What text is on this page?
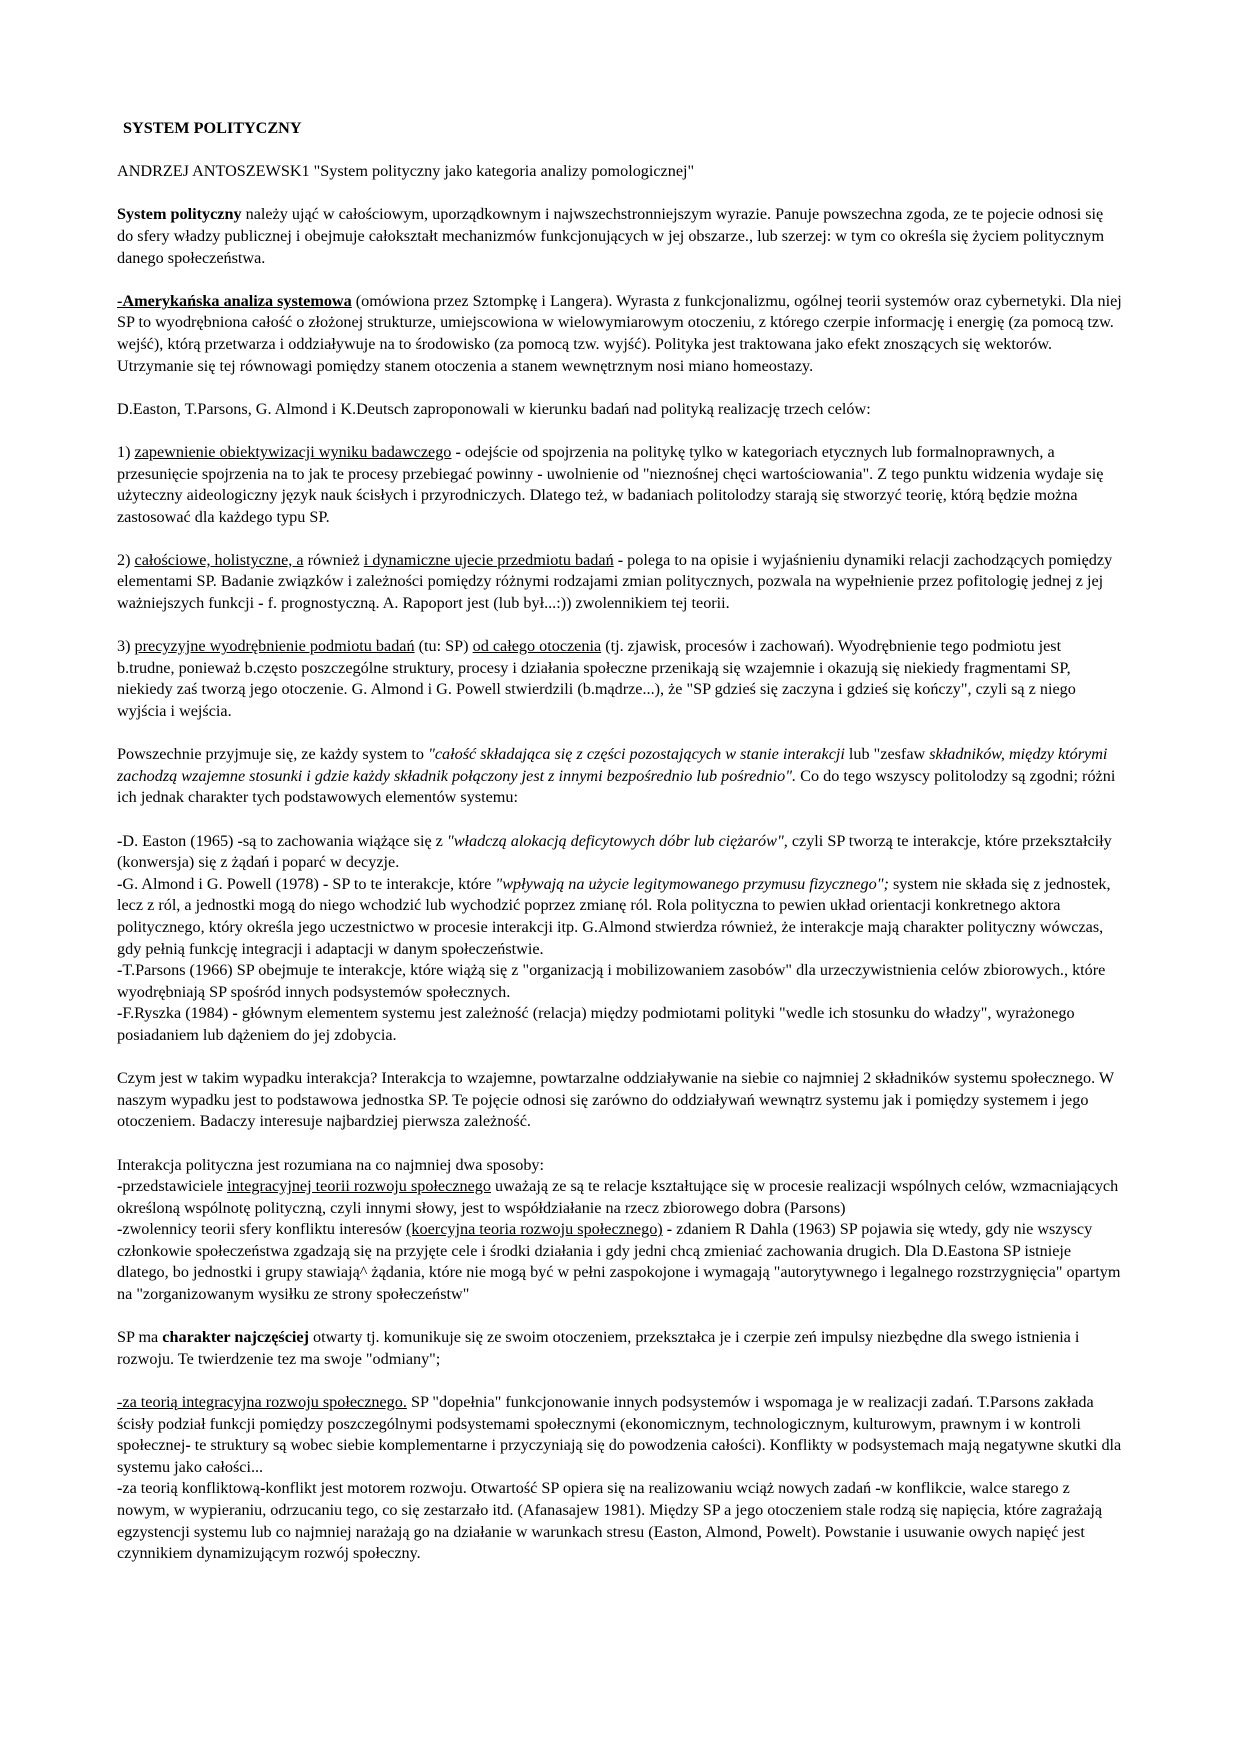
SYSTEM POLITYCZNY

ANDRZEJ ANTOSZEWSK1 "System polityczny jako kategoria analizy pomologicznej"

System polityczny należy ująć w całościowym, uporządkownym i najwszechstronniejszym wyrazie. Panuje powszechna zgoda, ze te pojecie odnosi się do sfery władzy publicznej i obejmuje całokształt mechanizmów funkcjonujących w jej obszarze., lub szerzej: w tym co określa się życiem politycznym danego społeczeństwa.

-Amerykańska analiza systemowa (omówiona przez Sztompkę i Langera). Wyrasta z funkcjonalizmu, ogólnej teorii systemów oraz cybernetyki. Dla niej SP to wyodrębniona całość o złożonej strukturze, umiejscowiona w wielowymiarowym otoczeniu, z którego czerpie informację i energię (za pomocą tzw. wejść), którą przetwarza i oddziaływuje na to środowisko (za pomocą tzw. wyjść). Polityka jest traktowana jako efekt znoszących się wektorów. Utrzymanie się tej równowagi pomiędzy stanem otoczenia a stanem wewnętrznym nosi miano homeostazy.

D.Easton, T.Parsons, G. Almond i K.Deutsch zaproponowali w kierunku badań nad polityką realizację trzech celów:

1) zapewnienie obiektywizacji wyniku badawczego - odejście od spojrzenia na politykę tylko w kategoriach etycznych lub formalnoprawnych, a przesunięcie spojrzenia na to jak te procesy przebiegać powinny - uwolnienie od "nieznośnej chęci wartościowania". Z tego punktu widzenia wydaje się użyteczny aideologiczny język nauk ścisłych i przyrodniczych. Dlatego też, w badaniach politolodzy starają się stworzyć teorię, którą będzie można zastosować dla każdego typu SP.

2) całościowe, holistyczne, a również i dynamiczne ujecie przedmiotu badań - polega to na opisie i wyjaśnieniu dynamiki relacji zachodzących pomiędzy elementami SP. Badanie związków i zależności pomiędzy różnymi rodzajami zmian politycznych, pozwala na wypełnienie przez pofitologię jednej z jej ważniejszych funkcji - f. prognostyczną. A. Rapoport jest (lub był...:)) zwolennikiem tej teorii.

3) precyzyjne wyodrębnienie podmiotu badań (tu: SP) od całego otoczenia (tj. zjawisk, procesów i zachowań). Wyodrębnienie tego podmiotu jest b.trudne, ponieważ b.często poszczególne struktury, procesy i działania społeczne przenikają się wzajemnie i okazują się niekiedy fragmentami SP, niekiedy zaś tworzą jego otoczenie. G. Almond i G. Powell stwierdzili (b.mądrze...), że "SP gdzieś się zaczyna i gdzieś się kończy", czyli są z niego wyjścia i wejścia.

Powszechnie przyjmuje się, ze każdy system to "całość składająca się z części pozostających w stanie interakcji lub "zesfaw składników, między którymi zachodzą wzajemne stosunki i gdzie każdy składnik połączony jest z innymi bezpośrednio lub pośrednio". Co do tego wszyscy politolodzy są zgodni; różni ich jednak charakter tych podstawowych elementów systemu:

-D. Easton (1965) -są to zachowania wiążące się z "władczą alokacją deficytowych dóbr lub ciężarów", czyli SP tworzą te interakcje, które przekształciły (konwersja) się z żądań i poparć w decyzje.

-G. Almond i G. Powell (1978) - SP to te interakcje, które "wpływają na użycie legitymowanego przymusu fizycznego"; system nie składa się z jednostek, lecz z ról, a jednostki mogą do niego wchodzić lub wychodzić poprzez zmianę ról. Rola polityczna to pewien układ orientacji konkretnego aktora politycznego, który określa jego uczestnictwo w procesie interakcji itp. G.Almond stwierdza również, że interakcje mają charakter polityczny wówczas, gdy pełnią funkcję integracji i adaptacji w danym społeczeństwie.

-T.Parsons (1966) SP obejmuje te interakcje, które wiążą się z "organizacją i mobilizowaniem zasobów" dla urzeczywistnienia celów zbiorowych., które wyodrębniają SP spośród innych podsystemów społecznych.

-F.Ryszka (1984) - głównym elementem systemu jest zależność (relacja) między podmiotami polityki "wedle ich stosunku do władzy", wyrażonego posiadaniem lub dążeniem do jej zdobycia.

Czym jest w takim wypadku interakcja? Interakcja to wzajemne, powtarzalne oddziaływanie na siebie co najmniej 2 składników systemu społecznego. W naszym wypadku jest to podstawowa jednostka SP. Te pojęcie odnosi się zarówno do oddziaływań wewnątrz systemu jak i pomiędzy systemem i jego otoczeniem. Badaczy interesuje najbardziej pierwsza zależność.

Interakcja polityczna jest rozumiana na co najmniej dwa sposoby:

-przedstawiciele integracyjnej teorii rozwoju społecznego uważają ze są te relacje kształtujące się w procesie realizacji wspólnych celów, wzmacniających określoną wspólnotę polityczną, czyli innymi słowy, jest to współdziałanie na rzecz zbiorowego dobra (Parsons)

-zwolennicy teorii sfery konfliktu interesów (koercyjna teoria rozwoju społecznego) - zdaniem R Dahla (1963) SP pojawia się wtedy, gdy nie wszyscy członkowie społeczeństwa zgadzają się na przyjęte cele i środki działania i gdy jedni chcą zmieniać zachowania drugich. Dla D.Eastona SP istnieje dlatego, bo jednostki i grupy stawiają^ żądania, które nie mogą być w pełni zaspokojone i wymagają "autorytywnego i legalnego rozstrzygnięcia" opartym na "zorganizowanym wysiłku ze strony społeczeństw"

SP ma charakter najczęściej otwarty tj. komunikuje się ze swoim otoczeniem, przekształca je i czerpie zeń impulsy niezbędne dla swego istnienia i rozwoju. Te twierdzenie tez ma swoje "odmiany";

-za teorią integracyjna rozwoju społecznego. SP "dopełnia" funkcjonowanie innych podsystemów i wspomaga je w realizacji zadań. T.Parsons zakłada ścisły podział funkcji pomiędzy poszczególnymi podsystemami społecznymi (ekonomicznym, technologicznym, kulturowym, prawnym i w kontroli społecznej- te struktury są wobec siebie komplementarne i przyczyniają się do powodzenia całości). Konflikty w podsystemach mają negatywne skutki dla systemu jako całości...

-za teorią konfliktową-konflikt jest motorem rozwoju. Otwartość SP opiera się na realizowaniu wciąż nowych zadań -w konflikcie, walce starego z nowym, w wypieraniu, odrzucaniu tego, co się zestarzało itd. (Afanasajew 1981). Między SP a jego otoczeniem stale rodzą się napięcia, które zagrażają egzystencji systemu lub co najmniej narażają go na działanie w warunkach stresu (Easton, Almond, Powelt). Powstanie i usuwanie owych napięć jest czynnikiem dynamizującym rozwój społeczny.
